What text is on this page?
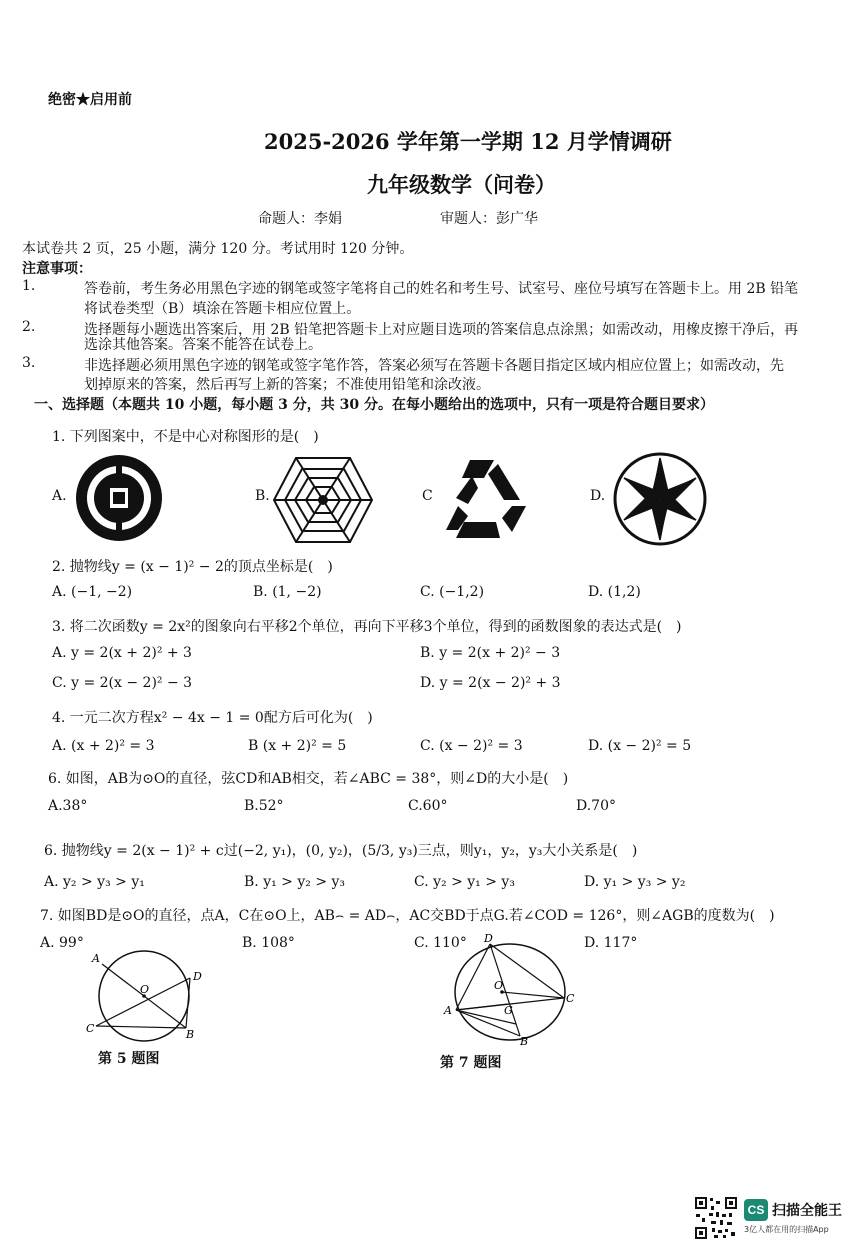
绝密★启用前
2025-2026 学年第一学期 12 月学情调研
九年级数学（问卷）
命题人：李娟	审题人：彭广华
本试卷共 2 页，25 小题，满分 120 分。考试用时 120 分钟。
注意事项：
1.	答卷前，考生务必用黑色字迹的钢笔或签字笔将自己的姓名和考生号、试室号、座位号填写在答题卡上。用 2B 铅笔
将试卷类型（B）填涂在答题卡相应位置上。
2.	选择题每小题选出答案后，用 2B 铅笔把答题卡上对应题目选项的答案信息点涂黑；如需改动，用橡皮擦干净后，再
选涂其他答案。答案不能答在试卷上。
3.	非选择题必须用黑色字迹的钢笔或签字笔作答，答案必须写在答题卡各题目指定区域内相应位置上；如需改动，先
划掉原来的答案，然后再写上新的答案；不准使用铅笔和涂改液。
一、选择题（本题共 10 小题，每小题 3 分，共 30 分。在每小题给出的选项中，只有一项是符合题目要求）
1. 下列图案中，不是中心对称图形的是(　)
A.	B.	C	D.
2. 抛物线y = (x − 1)² − 2的顶点坐标是(　)
A. (−1, −2)	B. (1, −2)	C. (−1,2)	D. (1,2)
3. 将二次函数y = 2x²的图象向右平移2个单位，再向下平移3个单位，得到的函数图象的表达式是(　)
A. y = 2(x + 2)² + 3	B. y = 2(x + 2)² − 3
C. y = 2(x − 2)² − 3	D. y = 2(x − 2)² + 3
4. 一元二次方程x² − 4x − 1 = 0配方后可化为(　)
A. (x + 2)² = 3	B (x + 2)² = 5	C. (x − 2)² = 3	D. (x − 2)² = 5
6. 如图，AB为⊙O的直径，弦CD和AB相交，若∠ABC = 38°，则∠D的大小是(　)
A.38°	B.52°	C.60°	D.70°
6. 抛物线y = 2(x − 1)² + c过(−2, y₁)，(0, y₂)，(5/3, y₃)三点，则y₁，y₂，y₃大小关系是(　)
A. y₂ > y₃ > y₁	B. y₁ > y₂ > y₃	C. y₂ > y₁ > y₃	D. y₁ > y₃ > y₂
7. 如图BD是⊙O的直径，点A，C在⊙O上，AB⌢ = AD⌢，AC交BD于点G.若∠COD = 126°，则∠AGB的度数为(　)
A. 99°	B. 108°	C. 110°	D. 117°
A
O
D
C	B
第 5 题图
D
O
C
A	G
B
第 7 题图
CS 扫描全能王
3亿人都在用的扫描App
